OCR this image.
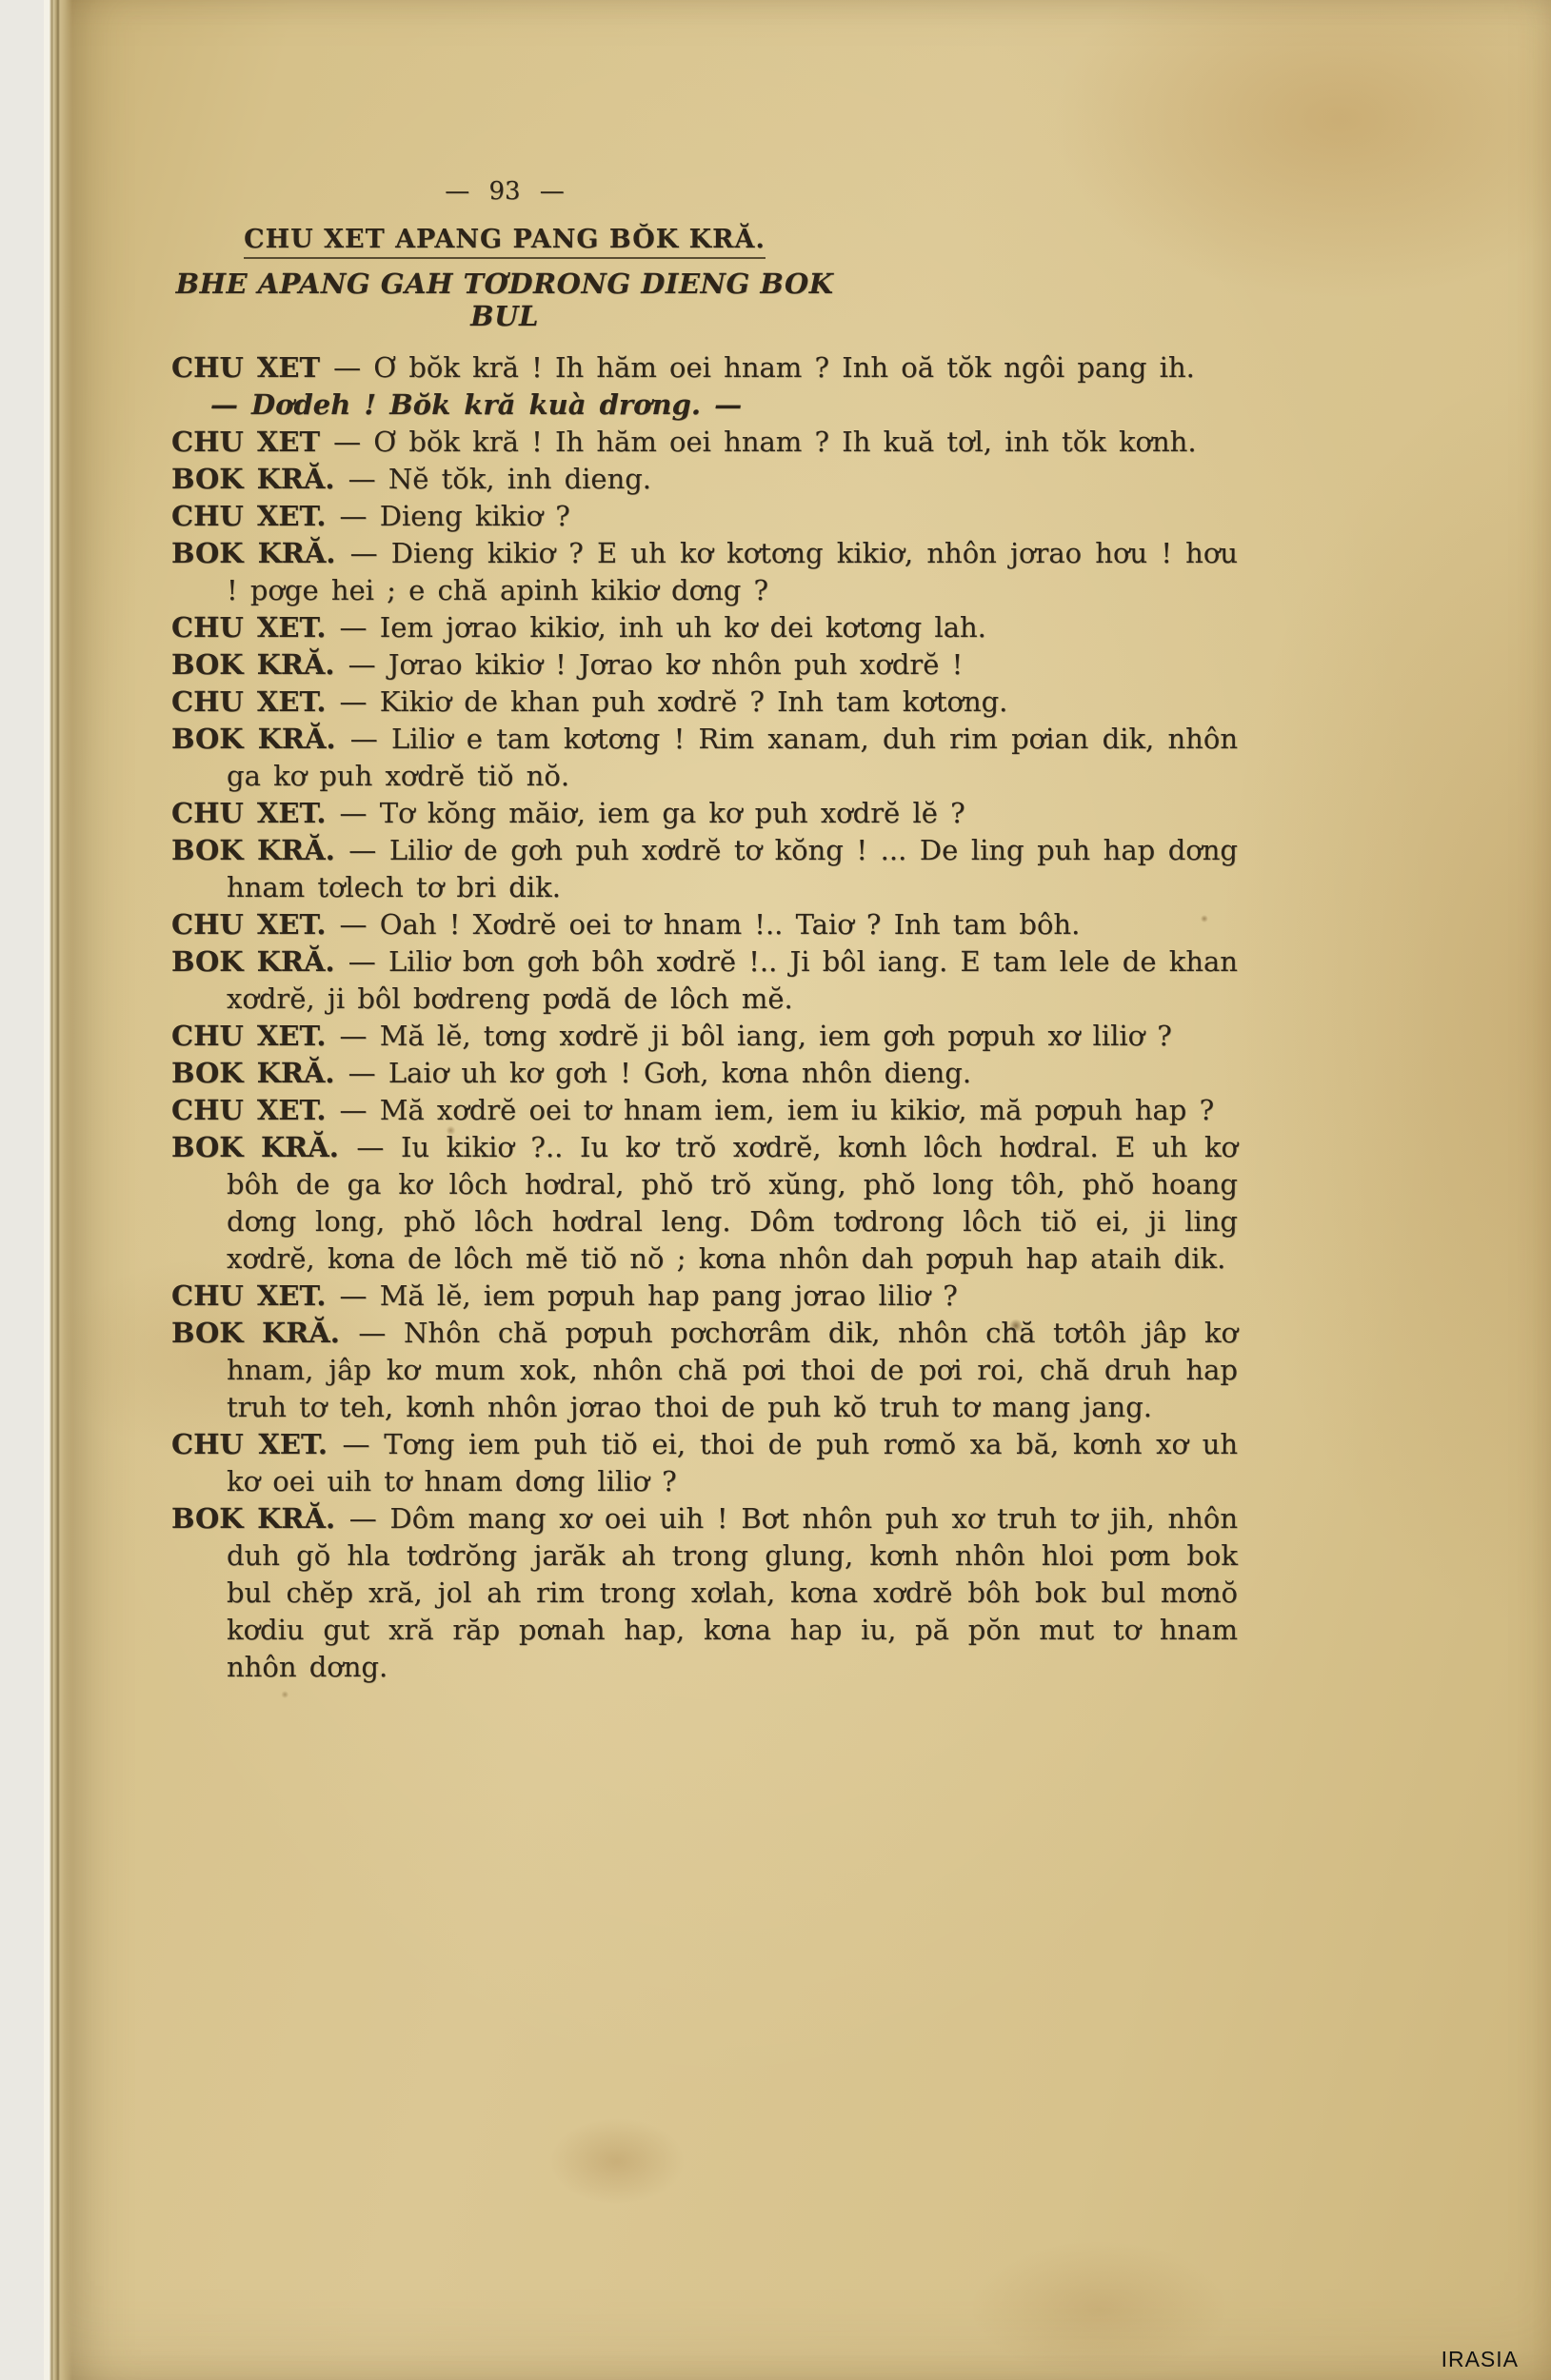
— 93 —

CHU XET APANG PANG BŎK KRĂ.

BHE APANG GAH TƠDRONG DIENG BOK BUL

CHU XET — Ơ bŏk kră ! Ih hăm oei hnam ? Inh oă tŏk ngôi pang ih.

— Dơdeh ! Bŏk kră kuà drơng. —

CHU XET — Ơ bŏk kră ! Ih hăm oei hnam ? Ih kuă tơl, inh tŏk kơnh.

BOK KRĂ. — Nĕ tŏk, inh dieng.

CHU XET. — Dieng kikiơ ?

BOK KRĂ. — Dieng kikiơ ? E uh kơ kơtơng kikiơ, nhôn jơrao hơu ! hơu ! pơge hei ; e chă apinh kikiơ dơng ?

CHU XET. — Iem jơrao kikiơ, inh uh kơ dei kơtơng lah.

BOK KRĂ. — Jơrao kikiơ ! Jơrao kơ nhôn puh xơdrĕ !

CHU XET. — Kikiơ de khan puh xơdrĕ ? Inh tam kơtơng.

BOK KRĂ. — Liliơ e tam kơtơng ! Rim xanam, duh rim pơian dik, nhôn ga kơ puh xơdrĕ tiŏ nŏ.

CHU XET. — Tơ kŏng măiơ, iem ga kơ puh xơdrĕ lĕ ?

BOK KRĂ. — Liliơ de gơh puh xơdrĕ tơ kŏng ! ... De ling puh hap dơng hnam tơlech tơ bri dik.

CHU XET. — Oah ! Xơdrĕ oei tơ hnam !.. Taiơ ? Inh tam bôh.

BOK KRĂ. — Liliơ bơn gơh bôh xơdrĕ !.. Ji bôl iang. E tam lele de khan xơdrĕ, ji bôl bơdreng pơdă de lôch mĕ.

CHU XET. — Mă lĕ, tơng xơdrĕ ji bôl iang, iem gơh pơpuh xơ liliơ ?

BOK KRĂ. — Laiơ uh kơ gơh ! Gơh, kơna nhôn dieng.

CHU XET. — Mă xơdrĕ oei tơ hnam iem, iem iu kikiơ, mă pơpuh hap ?

BOK KRĂ. — Iu kikiơ ?.. Iu kơ trŏ xơdrĕ, kơnh lôch hơdral. E uh kơ bôh de ga kơ lôch hơdral, phŏ trŏ xŭng, phŏ long tôh, phŏ hoang dơng long, phŏ lôch hơdral leng. Dôm tơdrong lôch tiŏ ei, ji ling xơdrĕ, kơna de lôch mĕ tiŏ nŏ ; kơna nhôn dah pơpuh hap ataih dik.

CHU XET. — Mă lĕ, iem pơpuh hap pang jơrao liliơ ?

BOK KRĂ. — Nhôn chă pơpuh pơchơrâm dik, nhôn chă tơtôh jâp kơ hnam, jâp kơ mum xok, nhôn chă pơi thoi de pơi roi, chă druh hap truh tơ teh, kơnh nhôn jơrao thoi de puh kŏ truh tơ mang jang.

CHU XET. — Tơng iem puh tiŏ ei, thoi de puh rơmŏ xa bă, kơnh xơ uh kơ oei uih tơ hnam dơng liliơ ?

BOK KRĂ. — Dôm mang xơ oei uih ! Bơt nhôn puh xơ truh tơ jih, nhôn duh gŏ hla tơdrŏng jarăk ah trong glung, kơnh nhôn hloi pơm bok bul chĕp xră, jol ah rim trong xơlah, kơna xơdrĕ bôh bok bul mơnŏ kơdiu gut xră răp pơnah hap, kơna hap iu, pă pŏn mut tơ hnam nhôn dơng.

IRASIA
